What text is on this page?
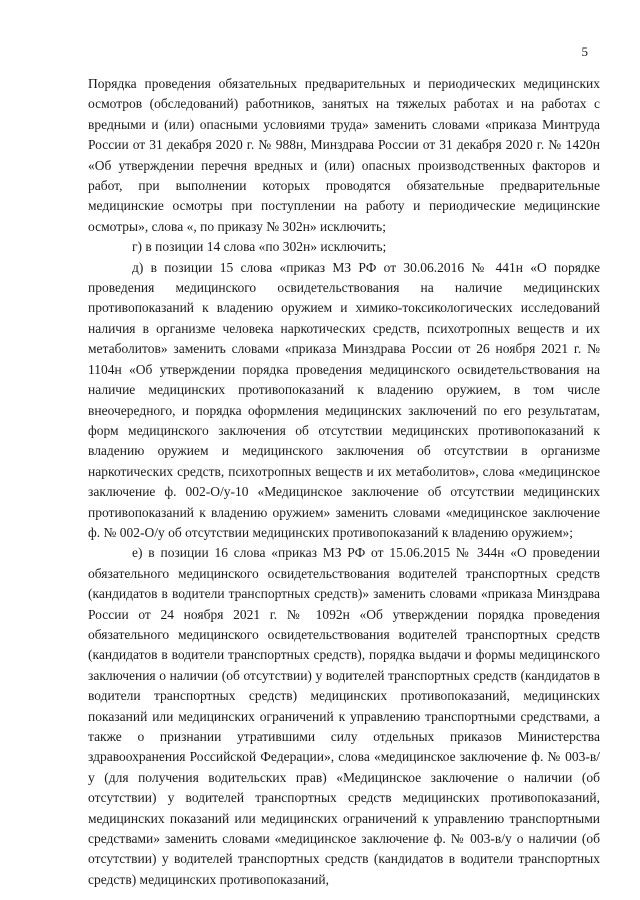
5

Порядка проведения обязательных предварительных и периодических медицинских осмотров (обследований) работников, занятых на тяжелых работах и на работах с вредными и (или) опасными условиями труда» заменить словами «приказа Минтруда России от 31 декабря 2020 г. № 988н, Минздрава России от 31 декабря 2020 г. № 1420н «Об утверждении перечня вредных и (или) опасных производственных факторов и работ, при выполнении которых проводятся обязательные предварительные медицинские осмотры при поступлении на работу и периодические медицинские осмотры», слова «, по приказу № 302н» исключить;

г) в позиции 14 слова «по 302н» исключить;

д) в позиции 15 слова «приказ МЗ РФ от 30.06.2016 № 441н «О порядке проведения медицинского освидетельствования на наличие медицинских противопоказаний к владению оружием и химико-токсикологических исследований наличия в организме человека наркотических средств, психотропных веществ и их метаболитов» заменить словами «приказа Минздрава России от 26 ноября 2021 г. № 1104н «Об утверждении порядка проведения медицинского освидетельствования на наличие медицинских противопоказаний к владению оружием, в том числе внеочередного, и порядка оформления медицинских заключений по его результатам, форм медицинского заключения об отсутствии медицинских противопоказаний к владению оружием и медицинского заключения об отсутствии в организме наркотических средств, психотропных веществ и их метаболитов», слова «медицинское заключение ф. 002-О/у-10 «Медицинское заключение об отсутствии медицинских противопоказаний к владению оружием» заменить словами «медицинское заключение ф. № 002-О/у об отсутствии медицинских противопоказаний к владению оружием»;

е) в позиции 16 слова «приказ МЗ РФ от 15.06.2015 № 344н «О проведении обязательного медицинского освидетельствования водителей транспортных средств (кандидатов в водители транспортных средств)» заменить словами «приказа Минздрава России от 24 ноября 2021 г. № 1092н «Об утверждении порядка проведения обязательного медицинского освидетельствования водителей транспортных средств (кандидатов в водители транспортных средств), порядка выдачи и формы медицинского заключения о наличии (об отсутствии) у водителей транспортных средств (кандидатов в водители транспортных средств) медицинских противопоказаний, медицинских показаний или медицинских ограничений к управлению транспортными средствами, а также о признании утратившими силу отдельных приказов Министерства здравоохранения Российской Федерации», слова «медицинское заключение ф. № 003-в/у (для получения водительских прав) «Медицинское заключение о наличии (об отсутствии) у водителей транспортных средств медицинских противопоказаний, медицинских показаний или медицинских ограничений к управлению транспортными средствами» заменить словами «медицинское заключение ф. № 003-в/у о наличии (об отсутствии) у водителей транспортных средств (кандидатов в водители транспортных средств) медицинских противопоказаний,
